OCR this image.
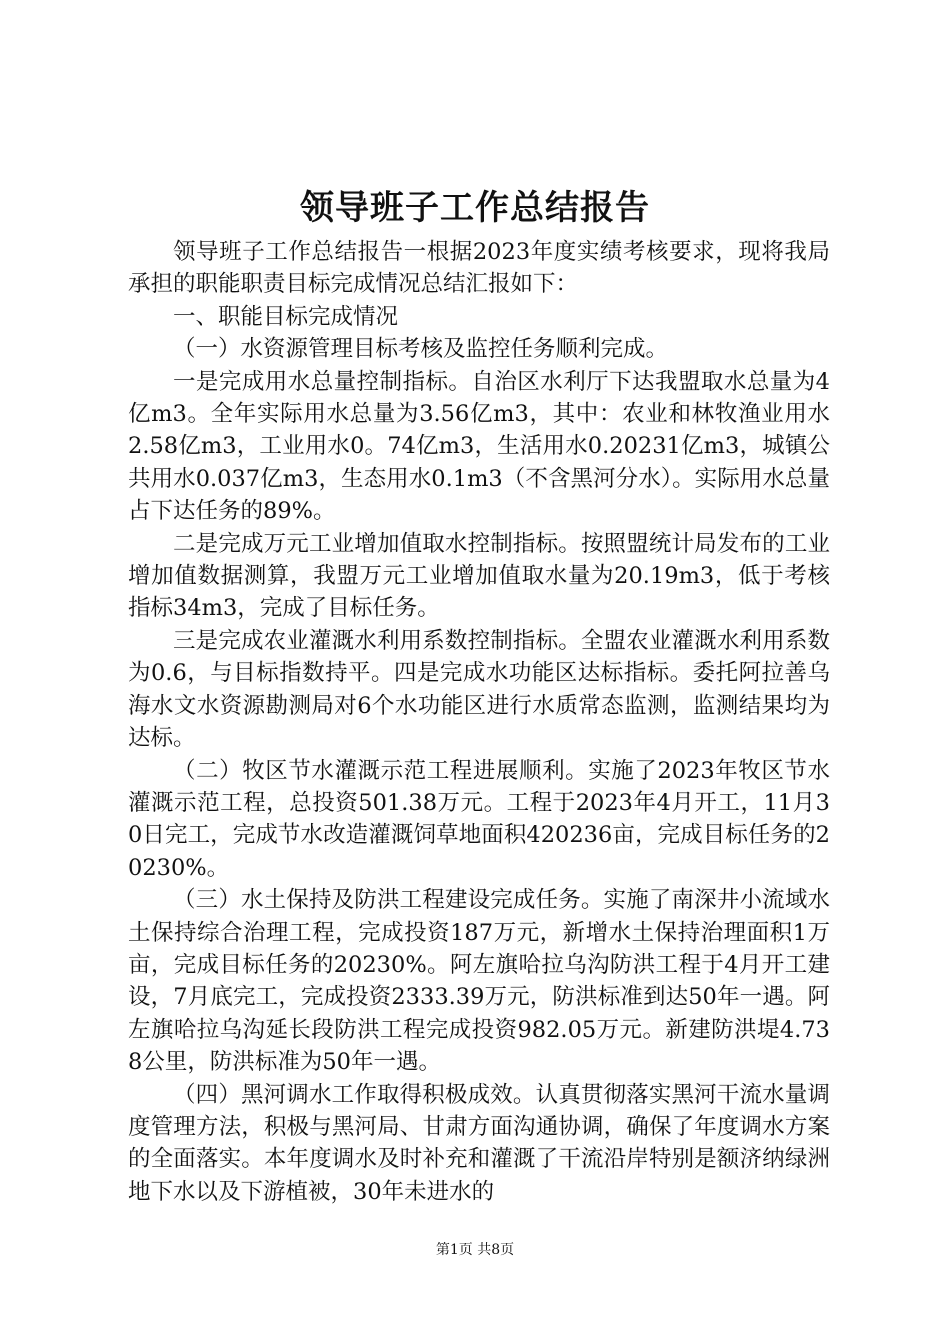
领导班子工作总结报告

领导班子工作总结报告一根据2023年度实绩考核要求，现将我局承担的职能职责目标完成情况总结汇报如下：

一、职能目标完成情况

（一）水资源管理目标考核及监控任务顺利完成。

一是完成用水总量控制指标。自治区水利厅下达我盟取水总量为4亿m3。全年实际用水总量为3.56亿m3，其中：农业和林牧渔业用水2.58亿m3，工业用水0。74亿m3，生活用水0.20231亿m3，城镇公共用水0.037亿m3，生态用水0.1m3（不含黑河分水）。实际用水总量占下达任务的89%。

二是完成万元工业增加值取水控制指标。按照盟统计局发布的工业增加值数据测算，我盟万元工业增加值取水量为20.19m3，低于考核指标34m3，完成了目标任务。

三是完成农业灌溉水利用系数控制指标。全盟农业灌溉水利用系数为0.6，与目标指数持平。四是完成水功能区达标指标。委托阿拉善乌海水文水资源勘测局对6个水功能区进行水质常态监测，监测结果均为达标。

（二）牧区节水灌溉示范工程进展顺利。实施了2023年牧区节水灌溉示范工程，总投资501.38万元。工程于2023年4月开工，11月30日完工，完成节水改造灌溉饲草地面积420236亩，完成目标任务的20230%。

（三）水土保持及防洪工程建设完成任务。实施了南深井小流域水土保持综合治理工程，完成投资187万元，新增水土保持治理面积1万亩，完成目标任务的20230%。阿左旗哈拉乌沟防洪工程于4月开工建设，7月底完工，完成投资2333.39万元，防洪标准到达50年一遇。阿左旗哈拉乌沟延长段防洪工程完成投资982.05万元。新建防洪堤4.738公里，防洪标准为50年一遇。

（四）黑河调水工作取得积极成效。认真贯彻落实黑河干流水量调度管理方法，积极与黑河局、甘肃方面沟通协调，确保了年度调水方案的全面落实。本年度调水及时补充和灌溉了干流沿岸特别是额济纳绿洲地下水以及下游植被，30年未进水的

第1页 共8页
